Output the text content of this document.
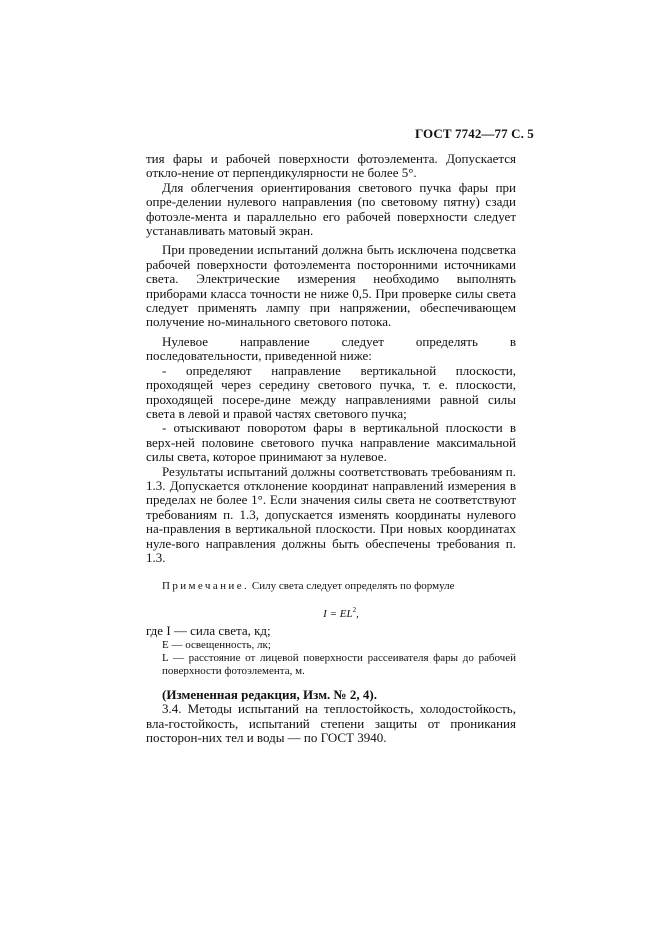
ГОСТ 7742—77 С. 5

тия фары и рабочей поверхности фотоэлемента. Допускается откло-нение от перпендикулярности не более 5°.

Для облегчения ориентирования светового пучка фары при опре-делении нулевого направления (по световому пятну) сзади фотоэле-мента и параллельно его рабочей поверхности следует устанавливать матовый экран.

При проведении испытаний должна быть исключена подсветка рабочей поверхности фотоэлемента посторонними источниками света. Электрические измерения необходимо выполнять приборами класса точности не ниже 0,5. При проверке силы света следует применять лампу при напряжении, обеспечивающем получение но-минального светового потока.

Нулевое направление следует определять в последовательности, приведенной ниже:

- определяют направление вертикальной плоскости, проходящей через середину светового пучка, т. е. плоскости, проходящей посере-дине между направлениями равной силы света в левой и правой частях светового пучка;

- отыскивают поворотом фары в вертикальной плоскости в верх-ней половине светового пучка направление максимальной силы света, которое принимают за нулевое.

Результаты испытаний должны соответствовать требованиям п. 1.3. Допускается отклонение координат направлений измерения в пределах не более 1°. Если значения силы света не соответствуют требованиям п. 1.3, допускается изменять координаты нулевого на-правления в вертикальной плоскости. При новых координатах нуле-вого направления должны быть обеспечены требования п. 1.3.

Примечание. Силу света следует определять по формуле

$I = EL^2$,

где I — сила света, кд;

E — освещенность, лк;

L — расстояние от лицевой поверхности рассеивателя фары до рабочей поверхности фотоэлемента, м.

(Измененная редакция, Изм. № 2, 4).

3.4. Методы испытаний на теплостойкость, холодостойкость, вла-гостойкость, испытаний степени защиты от проникания посторон-них тел и воды — по ГОСТ 3940.
